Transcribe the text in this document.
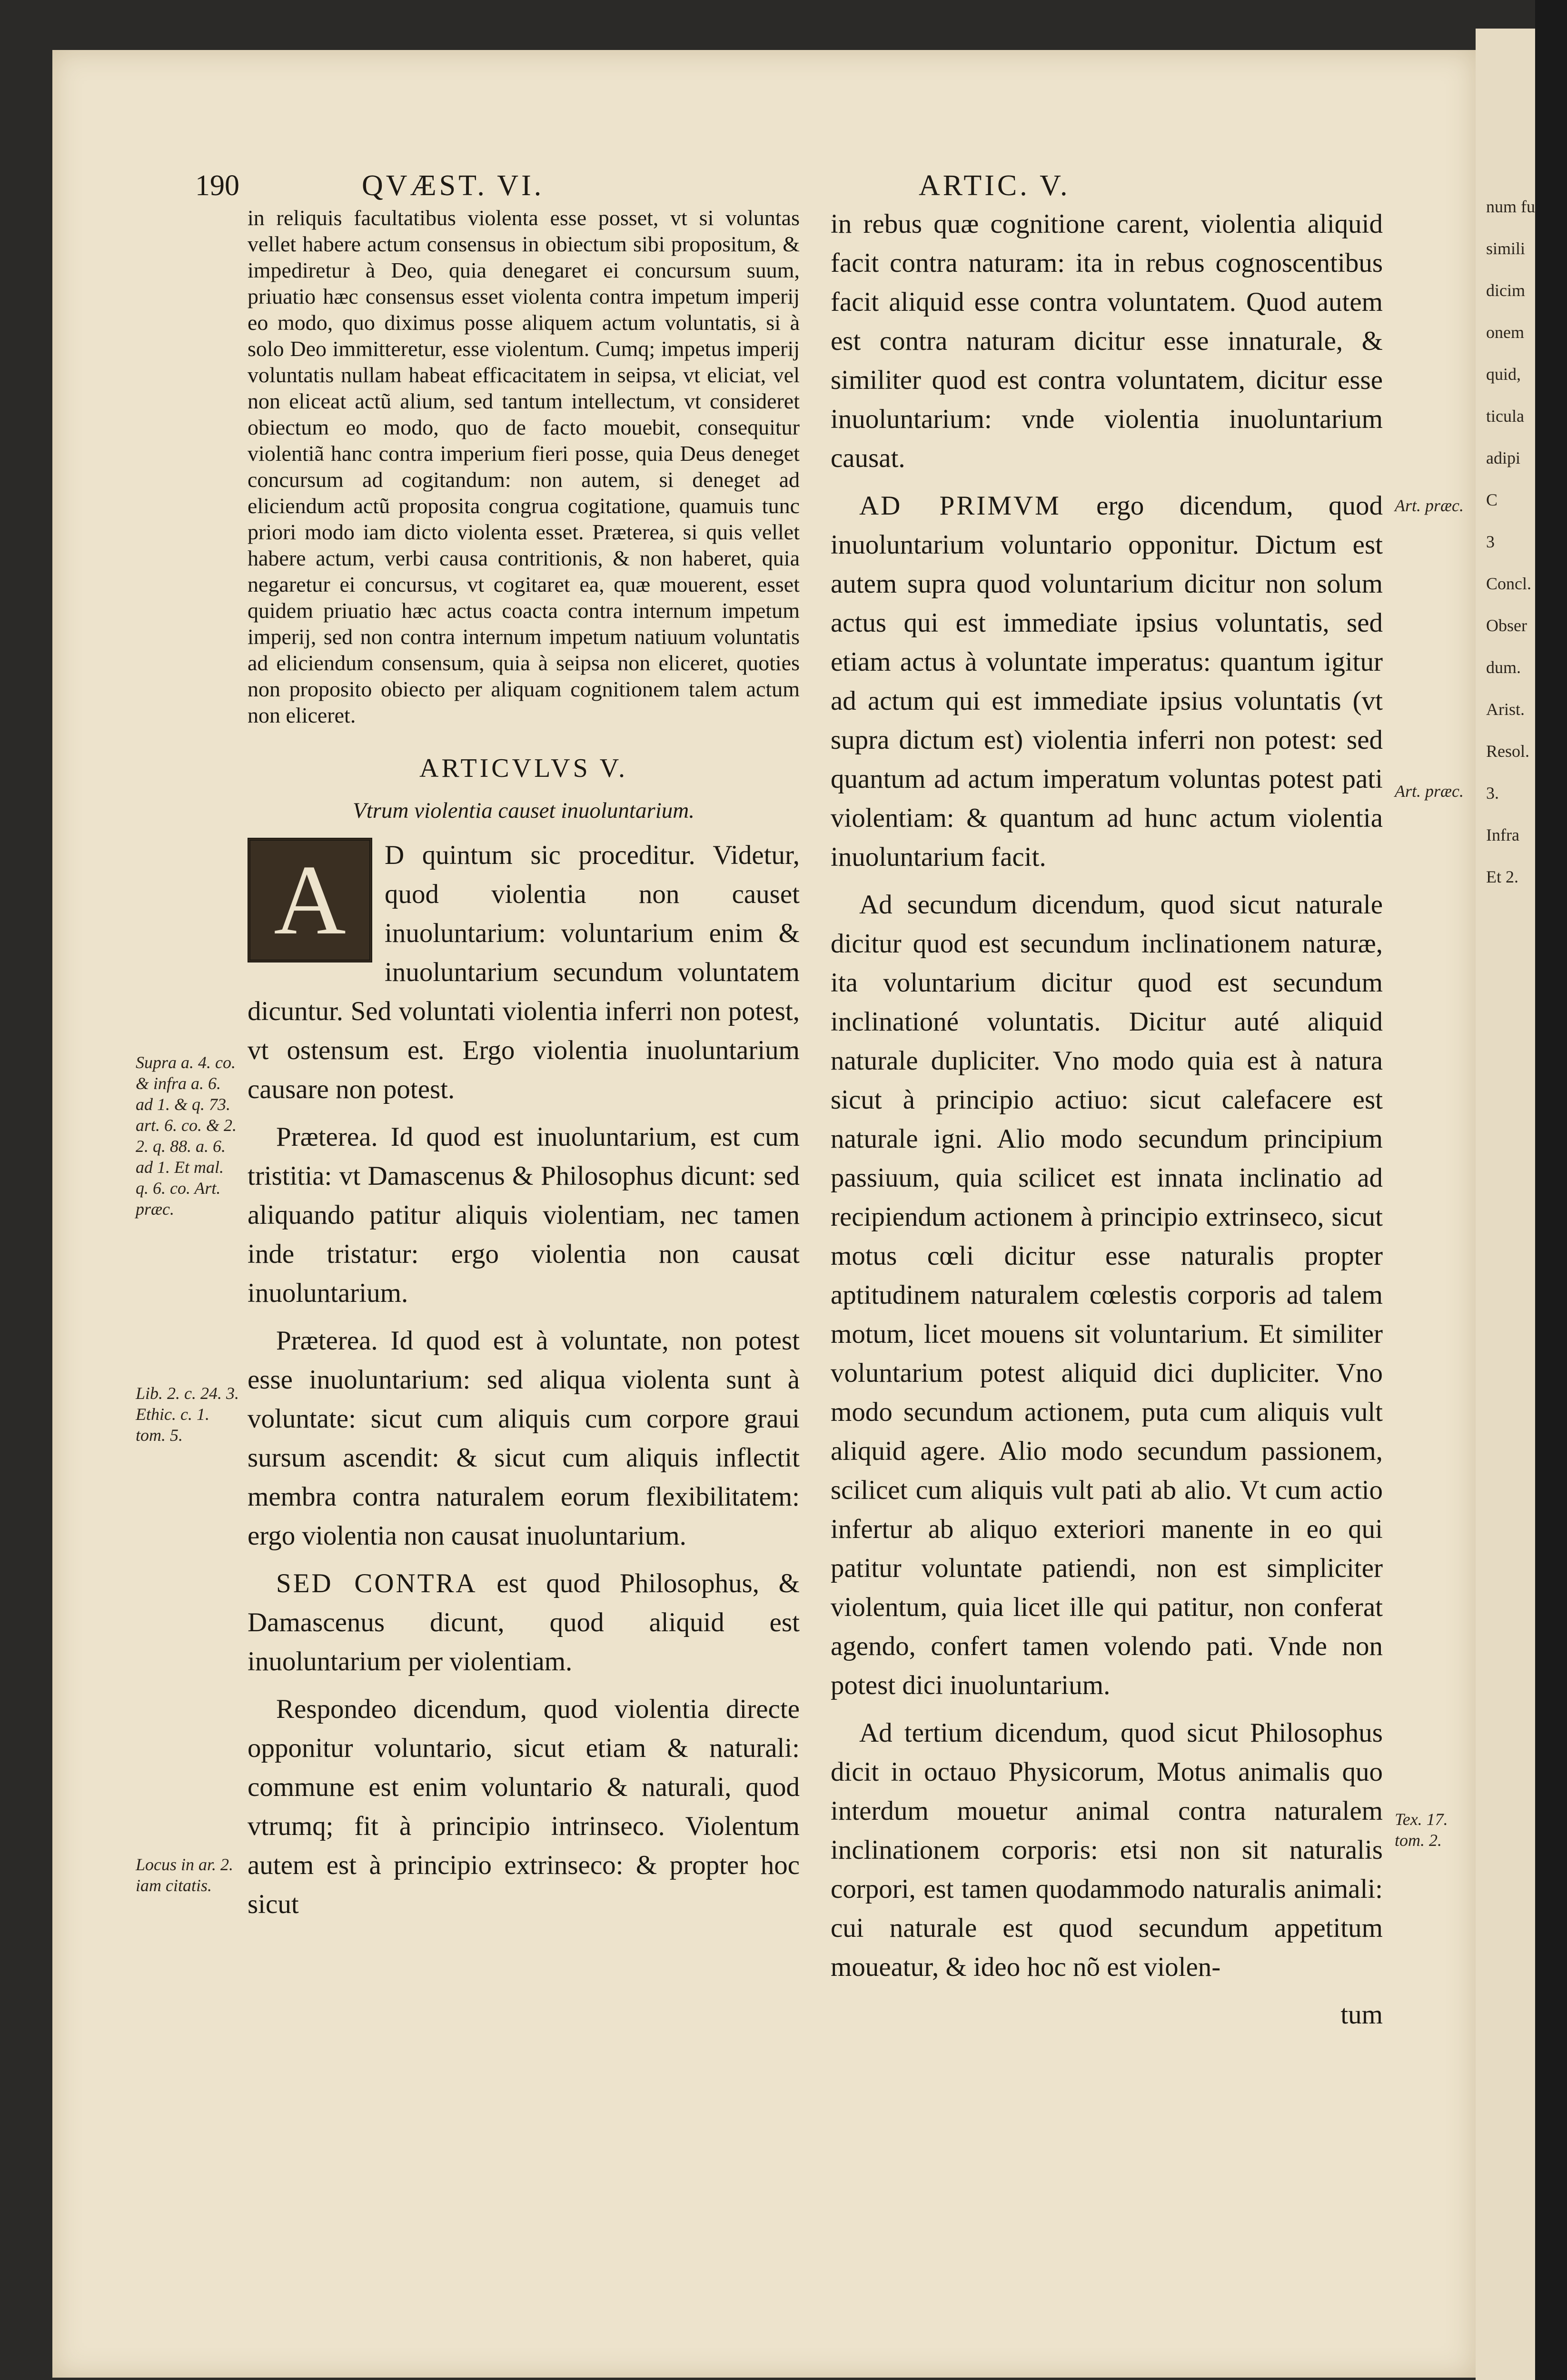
num fu
simili
dicim
onem
quid,
ticula
adipi
C
3
Concl.
Obser
dum.
Arist.
Resol.
3.
Infra
Et 2.
190	QVÆST. VI.	ARTIC. V.

in reliquis facultatibus violenta esse posset, vt si voluntas vellet habere actum consensus in obiectum sibi propositum, & impediretur à Deo, quia denegaret ei concursum suum, priuatio hæc consensus esset violenta contra impetum imperij eo modo, quo diximus posse aliquem actum voluntatis, si à solo Deo immitteretur, esse violentum. Cumq; impetus imperij voluntatis nullam habeat efficacitatem in seipsa, vt eliciat, vel non eliceat actũ alium, sed tantum intellectum, vt consideret obiectum eo modo, quo de facto mouebit, consequitur violentiã hanc contra imperium fieri posse, quia Deus deneget concursum ad cogitandum: non autem, si deneget ad eliciendum actũ proposita congrua cogitatione, quamuis tunc priori modo iam dicto violenta esset. Præterea, si quis vellet habere actum, verbi causa contritionis, & non haberet, quia negaretur ei concursus, vt cogitaret ea, quæ mouerent, esset quidem priuatio hæc actus coacta contra internum impetum imperij, sed non contra internum impetum natiuum voluntatis ad eliciendum consensum, quia à seipsa non eliceret, quoties non proposito obiecto per aliquam cognitionem talem actum non eliceret.

ARTICVLVS V.
Vtrum violentia causet inuoluntarium.

A	D quintum sic proceditur. Videtur, quod violentia non causet inuoluntarium: voluntarium enim & inuoluntarium secundum voluntatem dicuntur. Sed voluntati violentia inferri non potest, vt ostensum est. Ergo violentia inuoluntarium causare non potest.

Præterea. Id quod est inuoluntarium, est cum tristitia: vt Damascenus & Philosophus dicunt: sed aliquando patitur aliquis violentiam, nec tamen inde tristatur: ergo violentia non causat inuoluntarium.

Præterea. Id quod est à voluntate, non potest esse inuoluntarium: sed aliqua violenta sunt à voluntate: sicut cum aliquis cum corpore graui sursum ascendit: & sicut cum aliquis inflectit membra contra naturalem eorum flexibilitatem: ergo violentia non causat inuoluntarium.

SED CONTRA est quod Philosophus, & Damascenus dicunt, quod aliquid est inuoluntarium per violentiam.

Respondeo dicendum, quod violentia directe opponitur voluntario, sicut etiam & naturali: commune est enim voluntario & naturali, quod vtrumq; fit à principio intrinseco. Violentum autem est à principio extrinseco: & propter hoc sicut

in rebus quæ cognitione carent, violentia aliquid facit contra naturam: ita in rebus cognoscentibus facit aliquid esse contra voluntatem. Quod autem est contra naturam dicitur esse innaturale, & similiter quod est contra voluntatem, dicitur esse inuoluntarium: vnde violentia inuoluntarium causat.

AD PRIMVM ergo dicendum, quod inuoluntarium voluntario opponitur. Dictum est autem supra quod voluntarium dicitur non solum actus qui est immediate ipsius voluntatis, sed etiam actus à voluntate imperatus: quantum igitur ad actum qui est immediate ipsius voluntatis (vt supra dictum est) violentia inferri non potest: sed quantum ad actum imperatum voluntas potest pati violentiam: & quantum ad hunc actum violentia inuoluntarium facit.

Ad secundum dicendum, quod sicut naturale dicitur quod est secundum inclinationem naturæ, ita voluntarium dicitur quod est secundum inclinationé voluntatis. Dicitur auté aliquid naturale dupliciter. Vno modo quia est à natura sicut à principio actiuo: sicut calefacere est naturale igni. Alio modo secundum principium passiuum, quia scilicet est innata inclinatio ad recipiendum actionem à principio extrinseco, sicut motus cœli dicitur esse naturalis propter aptitudinem naturalem cœlestis corporis ad talem motum, licet mouens sit voluntarium. Et similiter voluntarium potest aliquid dici dupliciter. Vno modo secundum actionem, puta cum aliquis vult aliquid agere. Alio modo secundum passionem, scilicet cum aliquis vult pati ab alio. Vt cum actio infertur ab aliquo exteriori manente in eo qui patitur voluntate patiendi, non est simpliciter violentum, quia licet ille qui patitur, non conferat agendo, confert tamen volendo pati. Vnde non potest dici inuoluntarium.

Ad tertium dicendum, quod sicut Philosophus dicit in octauo Physicorum, Motus animalis quo interdum mouetur animal contra naturalem inclinationem corporis: etsi non sit naturalis corpori, est tamen quodammodo naturalis animali: cui naturale est quod secundum appetitum moueatur, & ideo hoc nõ est violen-

tum

Supra a. 4. co. & infra a. 6. ad 1. & q. 73. art. 6. co. & 2. 2. q. 88. a. 6. ad 1. Et mal. q. 6. co. Art. præc.
Lib. 2. c. 24. 3. Ethic. c. 1. tom. 5.
Locus in ar. 2. iam citatis.
Art. præc.
Art. præc.
Tex. 17. tom. 2.
